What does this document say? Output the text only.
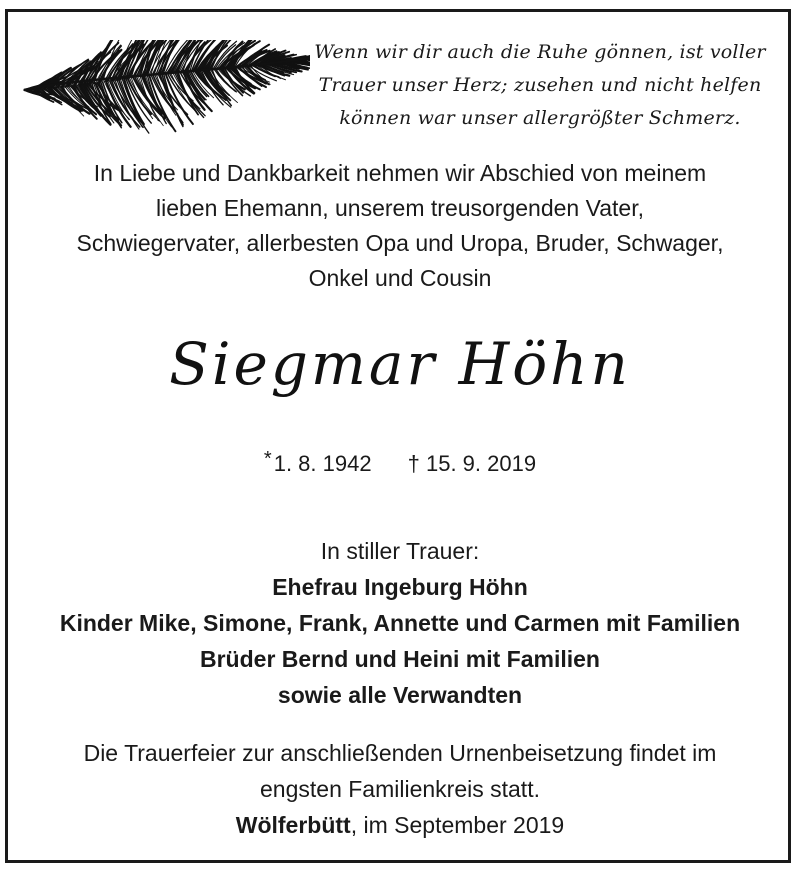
Wenn wir dir auch die Ruhe gönnen, ist voller
Trauer unser Herz; zusehen und nicht helfen
können war unser allergrößter Schmerz.
In Liebe und Dankbarkeit nehmen wir Abschied von meinem
lieben Ehemann, unserem treusorgenden Vater,
Schwiegervater, allerbesten Opa und Uropa, Bruder, Schwager,
Onkel und Cousin
Siegmar Höhn
*1. 8. 1942 † 15. 9. 2019
In stiller Trauer:
Ehefrau Ingeburg Höhn
Kinder Mike, Simone, Frank, Annette und Carmen mit Familien
Brüder Bernd und Heini mit Familien
sowie alle Verwandten
Die Trauerfeier zur anschließenden Urnenbeisetzung findet im
engsten Familienkreis statt.
Wölferbütt, im September 2019
